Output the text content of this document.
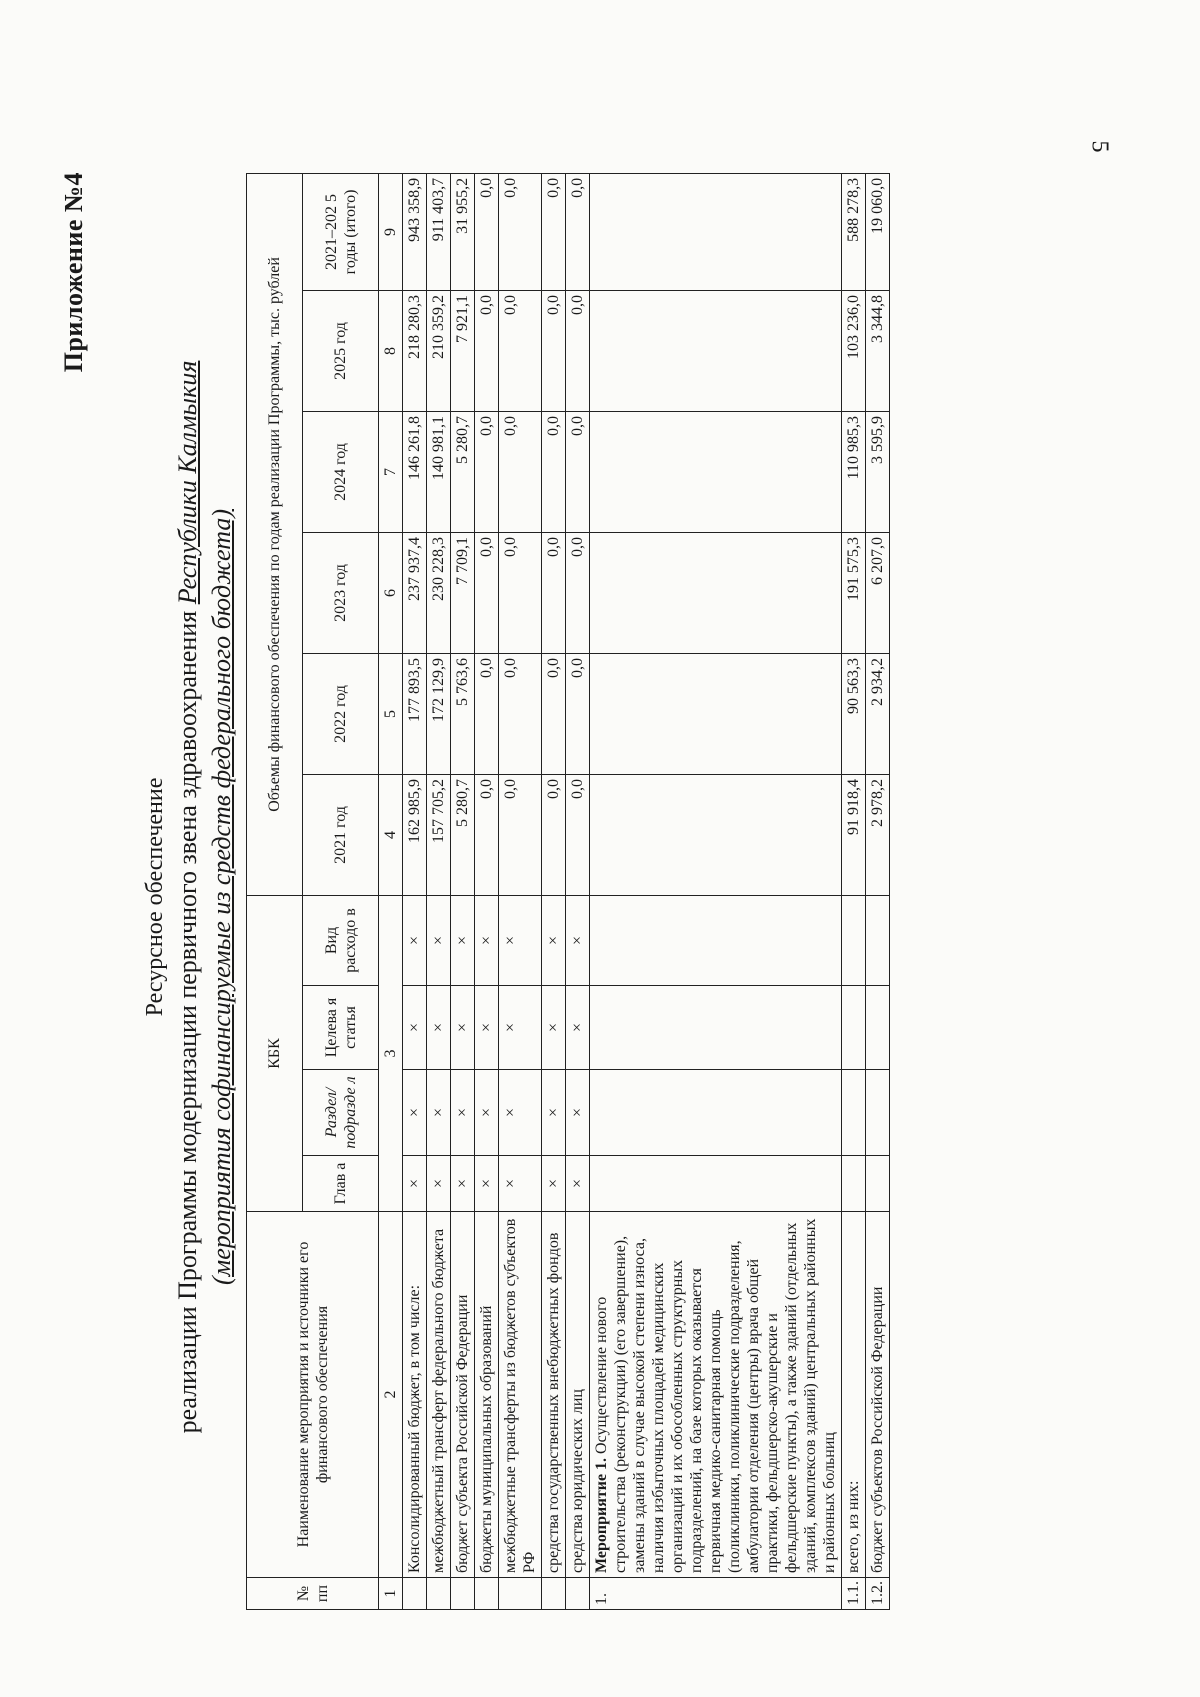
5
Приложение №4
Ресурсное обеспечение реализации Программы модернизации первичного звена здравоохранения Республики Калмыкия
(мероприятия софинансируемые из средств федерального бюджета)
№ пп	Наименование мероприятия и источники его финансового обеспечения	КБК				Объемы финансового обеспечения по годам реализации Программы, тыс. рублей					
		Глав а	Раздел/ подразде л	Целева я статья	Вид расходо в	2021 год	2022 год	2023 год	2024 год	2025 год	2021–202 5 годы (итого)
1	2	3				4	5	6	7	8	9
	Консолидированный бюджет, в том числе:	×	×	×	×	162 985,9	177 893,5	237 937,4	146 261,8	218 280,3	943 358,9
	межбюджетный трансферт федерального бюджета	×	×	×	×	157 705,2	172 129,9	230 228,3	140 981,1	210 359,2	911 403,7
	бюджет субъекта Российской Федерации	×	×	×	×	5 280,7	5 763,6	7 709,1	5 280,7	7 921,1	31 955,2
	бюджеты муниципальных образований	×	×	×	×	0,0	0,0	0,0	0,0	0,0	0,0
	межбюджетные трансферты из бюджетов субъектов РФ	×	×	×	×	0,0	0,0	0,0	0,0	0,0	0,0
	средства государственных внебюджетных фондов	×	×	×	×	0,0	0,0	0,0	0,0	0,0	0,0
	средства юридических лиц	×	×	×	×	0,0	0,0	0,0	0,0	0,0	0,0
1.	Мероприятие 1. Осуществление нового строительства (реконструкции) (его завершение), замены зданий в случае высокой степени износа, наличия избыточных площадей медицинских организаций и их обособленных структурных подразделений, на базе которых оказывается первичная медико-санитарная помощь (поликлиники, поликлинические подразделения, амбулатории отделения (центры) врача общей практики, фельдшерско-акушерские и фельдшерские пункты), а также зданий (отдельных зданий, комплексов зданий) центральных районных и районных больниц										
1.1.	всего, из них:					91 918,4	90 563,3	191 575,3	110 985,3	103 236,0	588 278,3
1.2.	бюджет субъектов Российской Федерации					2 978,2	2 934,2	6 207,0	3 595,9	3 344,8	19 060,0
